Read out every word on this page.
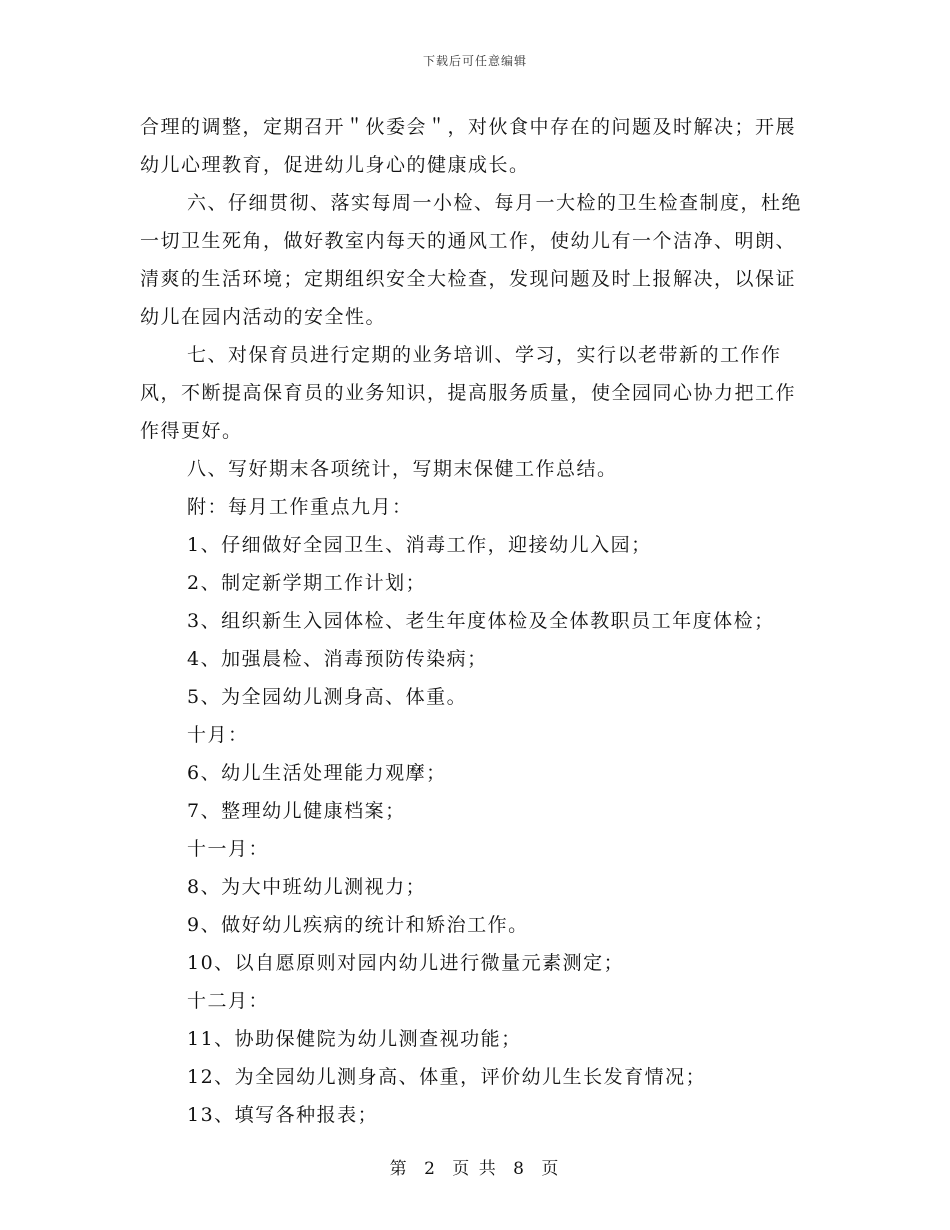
下载后可任意编辑

合理的调整，定期召开＂伙委会＂，对伙食中存在的问题及时解决；开展幼儿心理教育，促进幼儿身心的健康成长。

六、仔细贯彻、落实每周一小检、每月一大检的卫生检查制度，杜绝一切卫生死角，做好教室内每天的通风工作，使幼儿有一个洁净、明朗、清爽的生活环境；定期组织安全大检查，发现问题及时上报解决，以保证幼儿在园内活动的安全性。

七、对保育员进行定期的业务培训、学习，实行以老带新的工作作风，不断提高保育员的业务知识，提高服务质量，使全园同心协力把工作作得更好。

八、写好期末各项统计，写期末保健工作总结。

附：每月工作重点九月：

1、仔细做好全园卫生、消毒工作，迎接幼儿入园；

2、制定新学期工作计划；

3、组织新生入园体检、老生年度体检及全体教职员工年度体检；

4、加强晨检、消毒预防传染病；

5、为全园幼儿测身高、体重。

十月：

6、幼儿生活处理能力观摩；

7、整理幼儿健康档案；

十一月：

8、为大中班幼儿测视力；

9、做好幼儿疾病的统计和矫治工作。

10、以自愿原则对园内幼儿进行微量元素测定；

十二月：

11、协助保健院为幼儿测查视功能；

12、为全园幼儿测身高、体重，评价幼儿生长发育情况；

13、填写各种报表；

第 2 页 共 8 页
